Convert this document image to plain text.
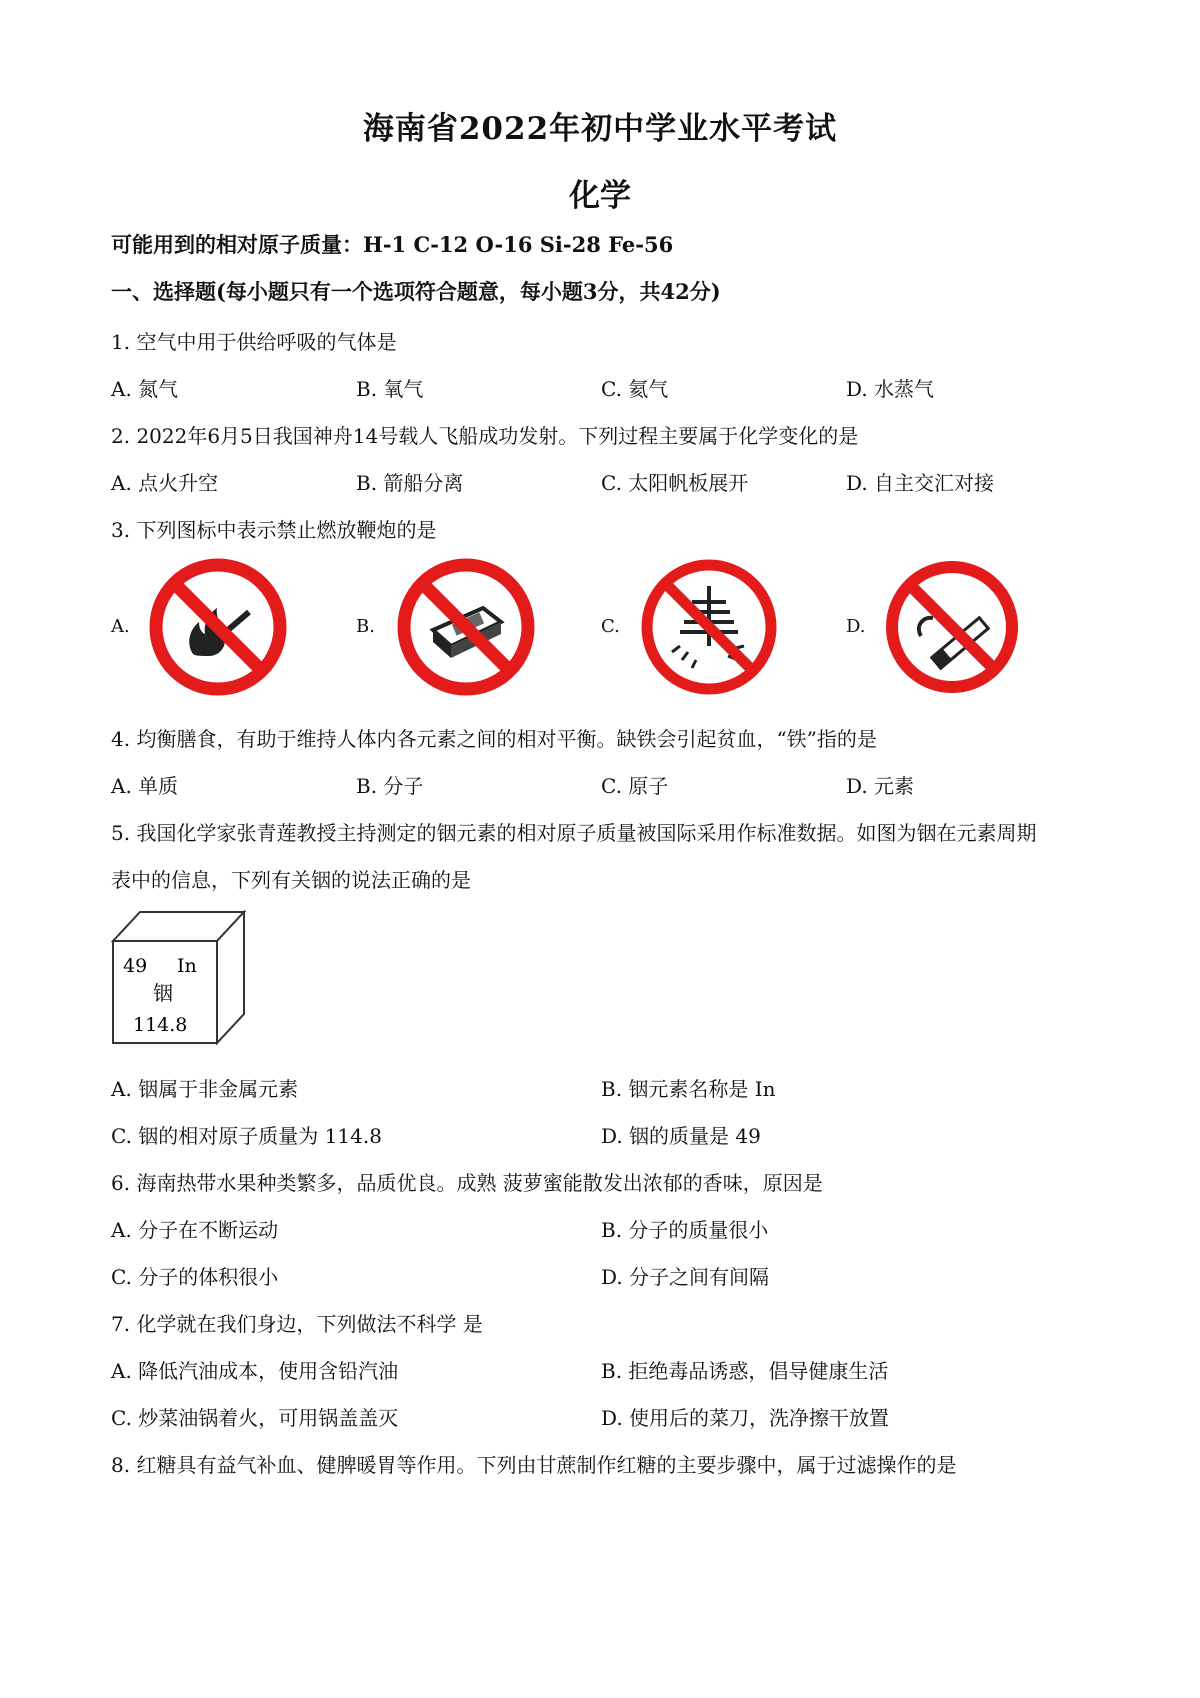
海南省2022年初中学业水平考试
化学
可能用到的相对原子质量：H-1 C-12 O-16 Si-28 Fe-56
一、选择题(每小题只有一个选项符合题意，每小题3分，共42分)
1. 空气中用于供给呼吸的气体是
A. 氮气	B. 氧气	C. 氦气	D. 水蒸气
2. 2022年6月5日我国神舟14号载人飞船成功发射。下列过程主要属于化学变化的是
A. 点火升空	B. 箭船分离	C. 太阳帆板展开	D. 自主交汇对接
3. 下列图标中表示禁止燃放鞭炮的是
A.	B.	C.	D.
4. 均衡膳食，有助于维持人体内各元素之间的相对平衡。缺铁会引起贫血，“铁”指的是
A. 单质	B. 分子	C. 原子	D. 元素
5. 我国化学家张青莲教授主持测定的铟元素的相对原子质量被国际采用作标准数据。如图为铟在元素周期
表中的信息，下列有关铟的说法正确的是
49 In
铟
114.8
A. 铟属于非金属元素	B. 铟元素名称是 In
C. 铟的相对原子质量为 114.8	D. 铟的质量是 49
6. 海南热带水果种类繁多，品质优良。成熟 菠萝蜜能散发出浓郁的香味，原因是
A. 分子在不断运动	B. 分子的质量很小
C. 分子的体积很小	D. 分子之间有间隔
7. 化学就在我们身边，下列做法不科学 是
A. 降低汽油成本，使用含铅汽油	B. 拒绝毒品诱惑，倡导健康生活
C. 炒菜油锅着火，可用锅盖盖灭	D. 使用后的菜刀，洗净擦干放置
8. 红糖具有益气补血、健脾暖胃等作用。下列由甘蔗制作红糖的主要步骤中，属于过滤操作的是
